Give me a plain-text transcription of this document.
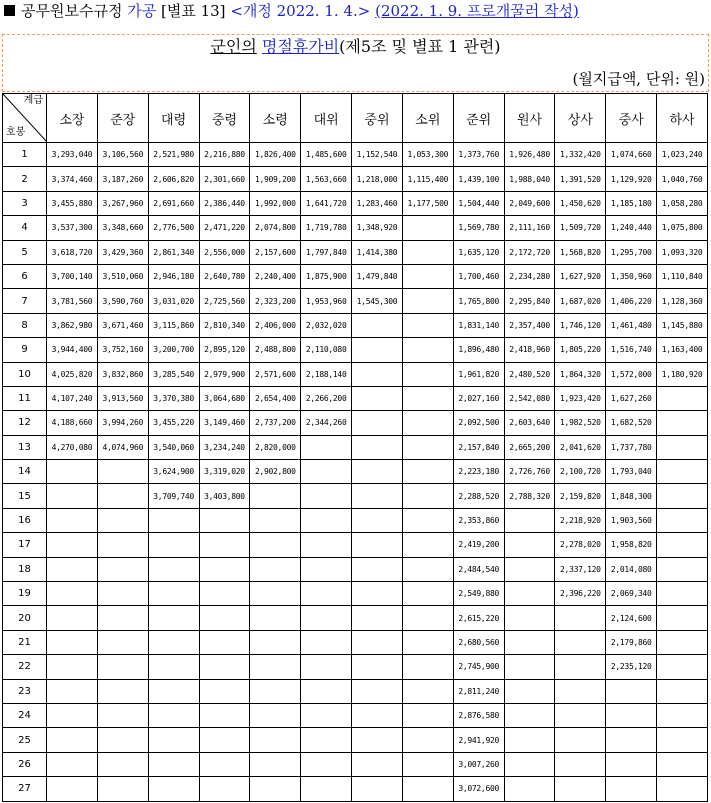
공무원보수규정 가공 [별표 13] <개정 2022. 1. 4.> (2022. 1. 9. 프로개꿀러 작성)
군인의 명절휴가비(제5조 및 별표 1 관련)
(월지급액, 단위: 원)
계급
호봉	소장	준장	대령	중령	소령	대위	중위	소위	준위	원사	상사	중사	하사
1	3,293,040	3,106,560	2,521,980	2,216,880	1,826,400	1,485,600	1,152,540	1,053,300	1,373,760	1,926,480	1,332,420	1,074,660	1,023,240
2	3,374,460	3,187,260	2,606,820	2,301,660	1,909,200	1,563,660	1,218,000	1,115,400	1,439,100	1,988,040	1,391,520	1,129,920	1,040,760
3	3,455,880	3,267,960	2,691,660	2,386,440	1,992,000	1,641,720	1,283,460	1,177,500	1,504,440	2,049,600	1,450,620	1,185,180	1,058,280
4	3,537,300	3,348,660	2,776,500	2,471,220	2,074,800	1,719,780	1,348,920		1,569,780	2,111,160	1,509,720	1,240,440	1,075,800
5	3,618,720	3,429,360	2,861,340	2,556,000	2,157,600	1,797,840	1,414,380		1,635,120	2,172,720	1,568,820	1,295,700	1,093,320
6	3,700,140	3,510,060	2,946,180	2,640,780	2,240,400	1,875,900	1,479,840		1,700,460	2,234,280	1,627,920	1,350,960	1,110,840
7	3,781,560	3,590,760	3,031,020	2,725,560	2,323,200	1,953,960	1,545,300		1,765,800	2,295,840	1,687,020	1,406,220	1,128,360
8	3,862,980	3,671,460	3,115,860	2,810,340	2,406,000	2,032,020			1,831,140	2,357,400	1,746,120	1,461,480	1,145,880
9	3,944,400	3,752,160	3,200,700	2,895,120	2,488,800	2,110,080			1,896,480	2,418,960	1,805,220	1,516,740	1,163,400
10	4,025,820	3,832,860	3,285,540	2,979,900	2,571,600	2,188,140			1,961,820	2,480,520	1,864,320	1,572,000	1,180,920
11	4,107,240	3,913,560	3,370,380	3,064,680	2,654,400	2,266,200			2,027,160	2,542,080	1,923,420	1,627,260	
12	4,188,660	3,994,260	3,455,220	3,149,460	2,737,200	2,344,260			2,092,500	2,603,640	1,982,520	1,682,520	
13	4,270,080	4,074,960	3,540,060	3,234,240	2,820,000				2,157,840	2,665,200	2,041,620	1,737,780	
14			3,624,900	3,319,020	2,902,800				2,223,180	2,726,760	2,100,720	1,793,040	
15			3,709,740	3,403,800					2,288,520	2,788,320	2,159,820	1,848,300	
16									2,353,860		2,218,920	1,903,560	
17									2,419,200		2,278,020	1,958,820	
18									2,484,540		2,337,120	2,014,080	
19									2,549,880		2,396,220	2,069,340	
20									2,615,220			2,124,600	
21									2,680,560			2,179,860	
22									2,745,900			2,235,120	
23									2,811,240				
24									2,876,580				
25									2,941,920				
26									3,007,260				
27									3,072,600				
